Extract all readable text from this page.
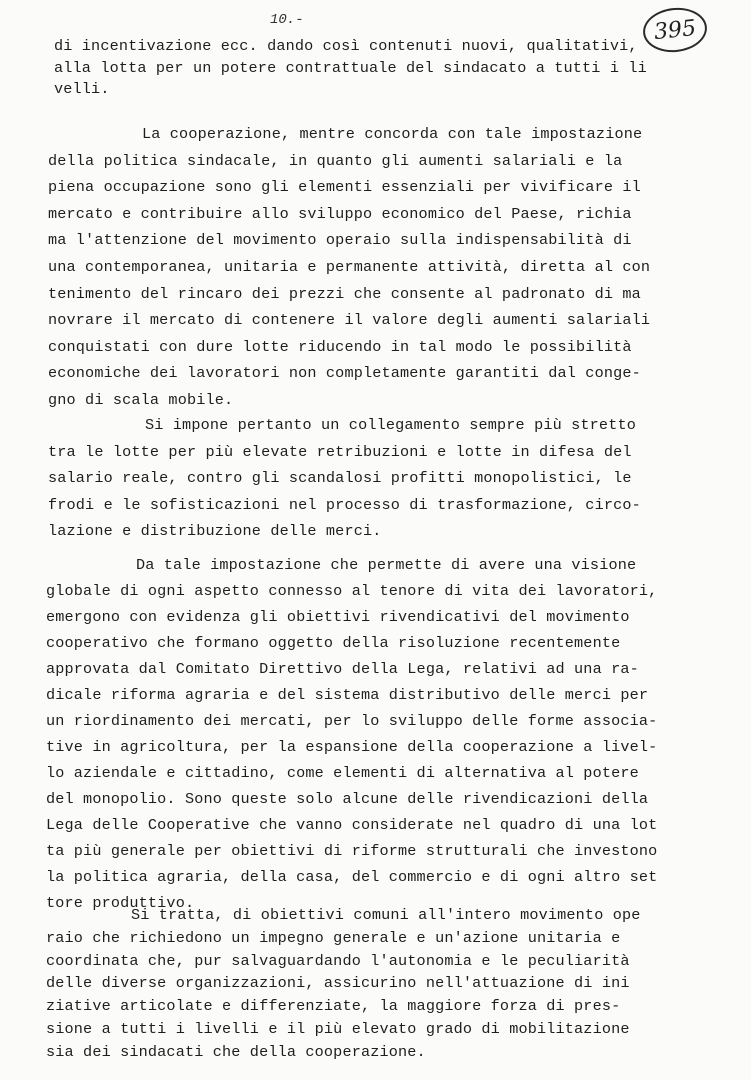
10.-	395
di incentivazione ecc. dando così contenuti nuovi, qualitativi,
alla lotta per un potere contrattuale del sindacato a tutti i li
velli.
La cooperazione, mentre concorda con tale impostazione
della politica sindacale, in quanto gli aumenti salariali e la
piena occupazione sono gli elementi essenziali per vivificare il
mercato e contribuire allo sviluppo economico del Paese, richia
ma l'attenzione del movimento operaio sulla indispensabilità di
una contemporanea, unitaria e permanente attività, diretta al con
tenimento del rincaro dei prezzi che consente al padronato di ma
novrare il mercato di contenere il valore degli aumenti salariali
conquistati con dure lotte riducendo in tal modo le possibilità
economiche dei lavoratori non completamente garantiti dal conge-
gno di scala mobile.
Si impone pertanto un collegamento sempre più stretto
tra le lotte per più elevate retribuzioni e lotte in difesa del
salario reale, contro gli scandalosi profitti monopolistici, le
frodi e le sofisticazioni nel processo di trasformazione, circo-
lazione e distribuzione delle merci.
Da tale impostazione che permette di avere una visione
globale di ogni aspetto connesso al tenore di vita dei lavoratori,
emergono con evidenza gli obiettivi rivendicativi del movimento
cooperativo che formano oggetto della risoluzione recentemente
approvata dal Comitato Direttivo della Lega, relativi ad una ra-
dicale riforma agraria e del sistema distributivo delle merci per
un riordinamento dei mercati, per lo sviluppo delle forme associa-
tive in agricoltura, per la espansione della cooperazione a livel-
lo aziendale e cittadino, come elementi di alternativa al potere
del monopolio. Sono queste solo alcune delle rivendicazioni della
Lega delle Cooperative che vanno considerate nel quadro di una lot
ta più generale per obiettivi di riforme strutturali che investono
la politica agraria, della casa, del commercio e di ogni altro set
tore produttivo.
Si tratta, di obiettivi comuni all'intero movimento ope
raio che richiedono un impegno generale e un'azione unitaria e
coordinata che, pur salvaguardando l'autonomia e le peculiarità
delle diverse organizzazioni, assicurino nell'attuazione di ini
ziative articolate e differenziate, la maggiore forza di pres-
sione a tutti i livelli e il più elevato grado di mobilitazione
sia dei sindacati che della cooperazione.
